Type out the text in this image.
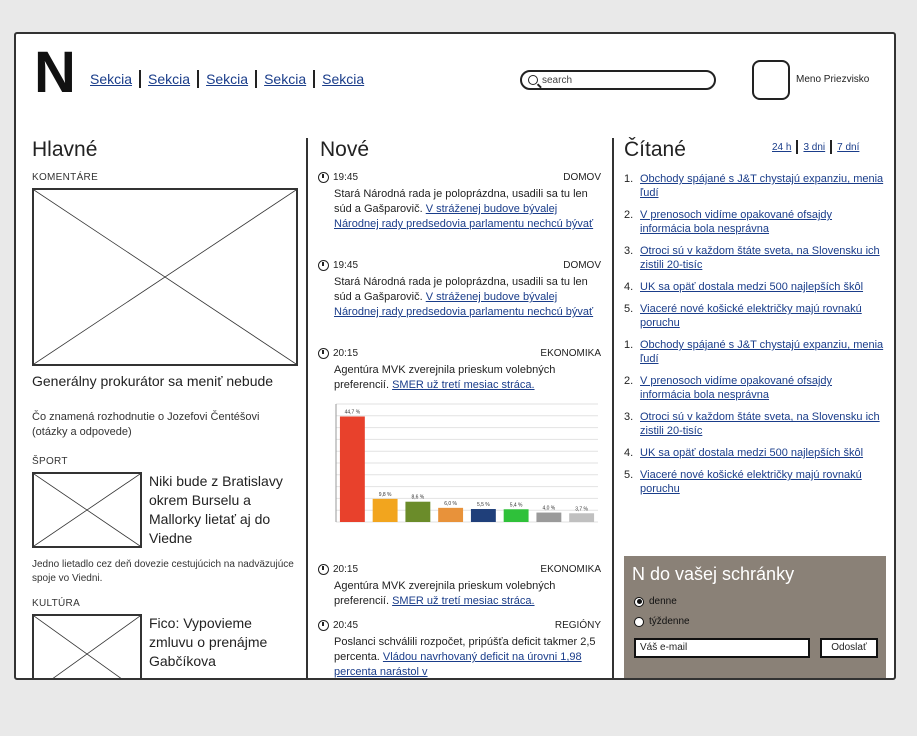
N Sekcia Sekcia Sekcia Sekcia Sekcia	search	Meno Priezvisko
Hlavné
KOMENTÁRE
Generálny prokurátor sa meniť nebude
Čo znamená rozhodnutie o Jozefovi Čentéšovi (otázky a odpovede)
ŠPORT
Niki bude z Bratislavy okrem Burselu a Mallorky lietať aj do Viedne
Jedno lietadlo cez deň dovezie cestujúcich na nadväzujúce spoje vo Viedni.
KULTÚRA
Fico: Vypovieme zmluvu o prenájme Gabčíkova
Nové
19:45	DOMOV
Stará Národná rada je poloprázdna, usadili sa tu len súd a Gašparovič. V stráženej budove bývalej Národnej rady predsedovia parlamentu nechcú bývať
19:45	DOMOV
Stará Národná rada je poloprázdna, usadili sa tu len súd a Gašparovič. V stráženej budove bývalej Národnej rady predsedovia parlamentu nechcú bývať
20:15	EKONOMIKA
Agentúra MVK zverejnila prieskum volebných preferencií. SMER už tretí mesiac stráca.
44,7 %
9,8 %	8,6 %
6,0 %	5,5 %	5,4 %
4,0 %	3,7 %
20:15	EKONOMIKA
Agentúra MVK zverejnila prieskum volebných preferencií. SMER už tretí mesiac stráca.
20:45	REGIÓNY
Poslanci schválili rozpočet, pripúšťa deficit takmer 2,5 percenta. Vládou navrhovaný deficit na úrovni 1,98 percenta narástol v
Čítané	24 h 3 dni 7 dní
1. Obchody spájané s J&T chystajú expanziu, menia ľudí
2. V prenosoch vidíme opakované ofsajdy informácia bola nesprávna
3. Otroci sú v každom štáte sveta, na Slovensku ich zistili 20-tisíc
4. UK sa opäť dostala medzi 500 najlepších škôl
5. Viaceré nové košické električky majú rovnakú poruchu
1. Obchody spájané s J&T chystajú expanziu, menia ľudí
2. V prenosoch vidíme opakované ofsajdy informácia bola nesprávna
3. Otroci sú v každom štáte sveta, na Slovensku ich zistili 20-tisíc
4. UK sa opäť dostala medzi 500 najlepších škôl
5. Viaceré nové košické električky majú rovnakú poruchu
N do vašej schránky
denne
týždenne
Váš e-mail	Odoslať
